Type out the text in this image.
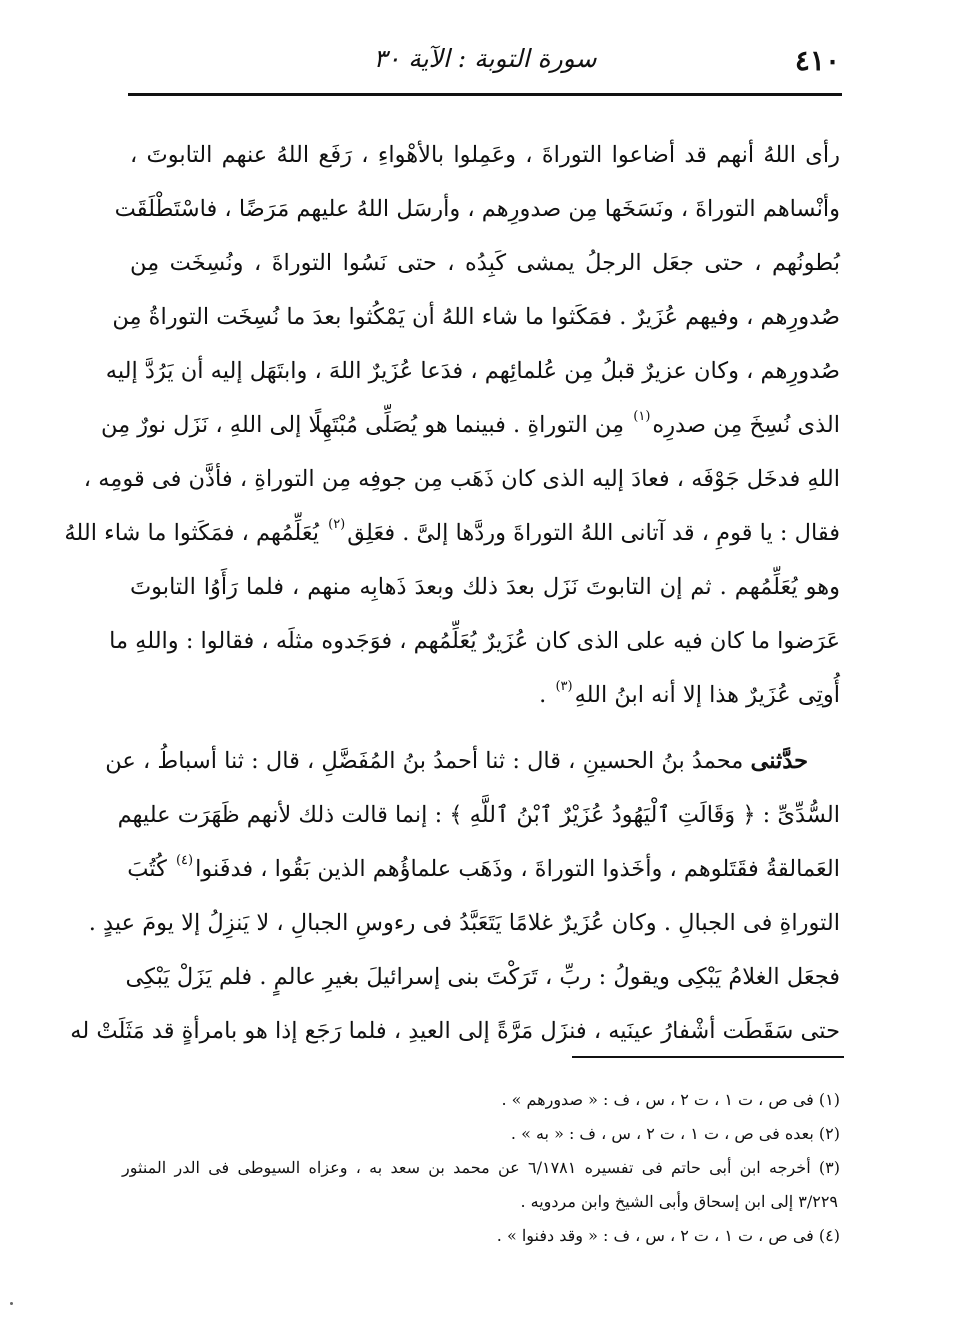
٤١٠
سورة التوبة : الآية ٣٠
رأى اللهُ أنهم قد أضاعوا التوراةَ ، وعَمِلوا بالأهْواءِ ، رَفَع اللهُ عنهم التابوتَ ،
وأنْساهم التوراةَ ، ونَسَخَها مِن صدورِهم ، وأرسَل اللهُ عليهم مَرَضًا ، فاسْتَطْلَقَت
بُطونُهم ، حتى جعَل الرجلُ يمشى كَبِدُه ، حتى نَسُوا التوراةَ ، ونُسِخَت مِن
صُدورِهم ، وفيهم عُزَيرٌ . فمَكَثوا ما شاء اللهُ أن يَمْكُثوا بعدَ ما نُسِخَت التوراةُ مِن
صُدورِهم ، وكان عزيرٌ قبلُ مِن عُلمائِهم ، فدَعا عُزَيرٌ اللهَ ، وابتَهَل إليه أن يَرُدَّ إليه
الذى نُسِخَ مِن صدرِه$^{(١)}$ مِن التوراةِ . فبينما هو يُصَلِّى مُبْتَهِلًا إلى اللهِ ، نَزَل نورٌ مِن
اللهِ فدخَل جَوْفَه ، فعادَ إليه الذى كان ذَهَب مِن جوفِه مِن التوراةِ ، فأذَّن فى قومِه ،
فقال : يا قومِ ، قد آتانى اللهُ التوراةَ وردَّها إلىَّ . فعَلِق$^{(٢)}$ يُعَلِّمُهم ، فمَكَثوا ما شاء اللهُ
وهو يُعَلِّمُهم . ثم إن التابوتَ نَزَل بعدَ ذلك وبعدَ ذَهابِه منهم ، فلما رَأَوُا التابوتَ
عَرَضوا ما كان فيه على الذى كان عُزَيرٌ يُعَلِّمُهم ، فوَجَدوه مثلَه ، فقالوا : واللهِ ما
أُوتِى عُزَيرٌ هذا إلا أنه ابنُ اللهِ$^{(٣)}$ .
حدَّثنى محمدُ بنُ الحسينِ ، قال : ثنا أحمدُ بنُ المُفَضَّلِ ، قال : ثنا أسباطُ ، عن
السُّدِّىِّ : ﴿ وَقَالَتِ ٱلْيَهُودُ عُزَيْرٌ ٱبْنُ ٱللَّهِ ﴾ : إنما قالت ذلك لأنهم ظَهَرَت عليهم
العَمالقةُ فقَتَلوهم ، وأخَذوا التوراةَ ، وذَهَب علماؤُهم الذين بَقُوا ، فدفَنوا$^{(٤)}$ كُتُبَ
التوراةِ فى الجبالِ . وكان عُزَيرٌ غلامًا يَتَعَبَّدُ فى رءوسِ الجبالِ ، لا يَنزِلُ إلا يومَ عيدٍ .
فجعَل الغلامُ يَبْكِى ويقولُ : ربِّ ، تَرَكْتَ بنى إسرائيلَ بغيرِ عالمٍ . فلم يَزَلْ يَبْكِى
حتى سَقَطَت أشْفارُ عينَيه ، فنزَل مَرَّةً إلى العيدِ ، فلما رَجَع إذا هو بامرأةٍ قد مَثَلَتْ له
(١) فى ص ، ت ١ ، ت ٢ ، س ، ف : « صدورهم » .
(٢) بعده فى ص ، ت ١ ، ت ٢ ، س ، ف : « به » .
(٣) أخرجه ابن أبى حاتم فى تفسيره ٦/١٧٨١ عن محمد بن سعد به ، وعزاه السيوطى فى الدر المنثور
٣/٢٢٩ إلى ابن إسحاق وأبى الشيخ وابن مردويه .
(٤) فى ص ، ت ١ ، ت ٢ ، س ، ف : « وقد دفنوا » .
